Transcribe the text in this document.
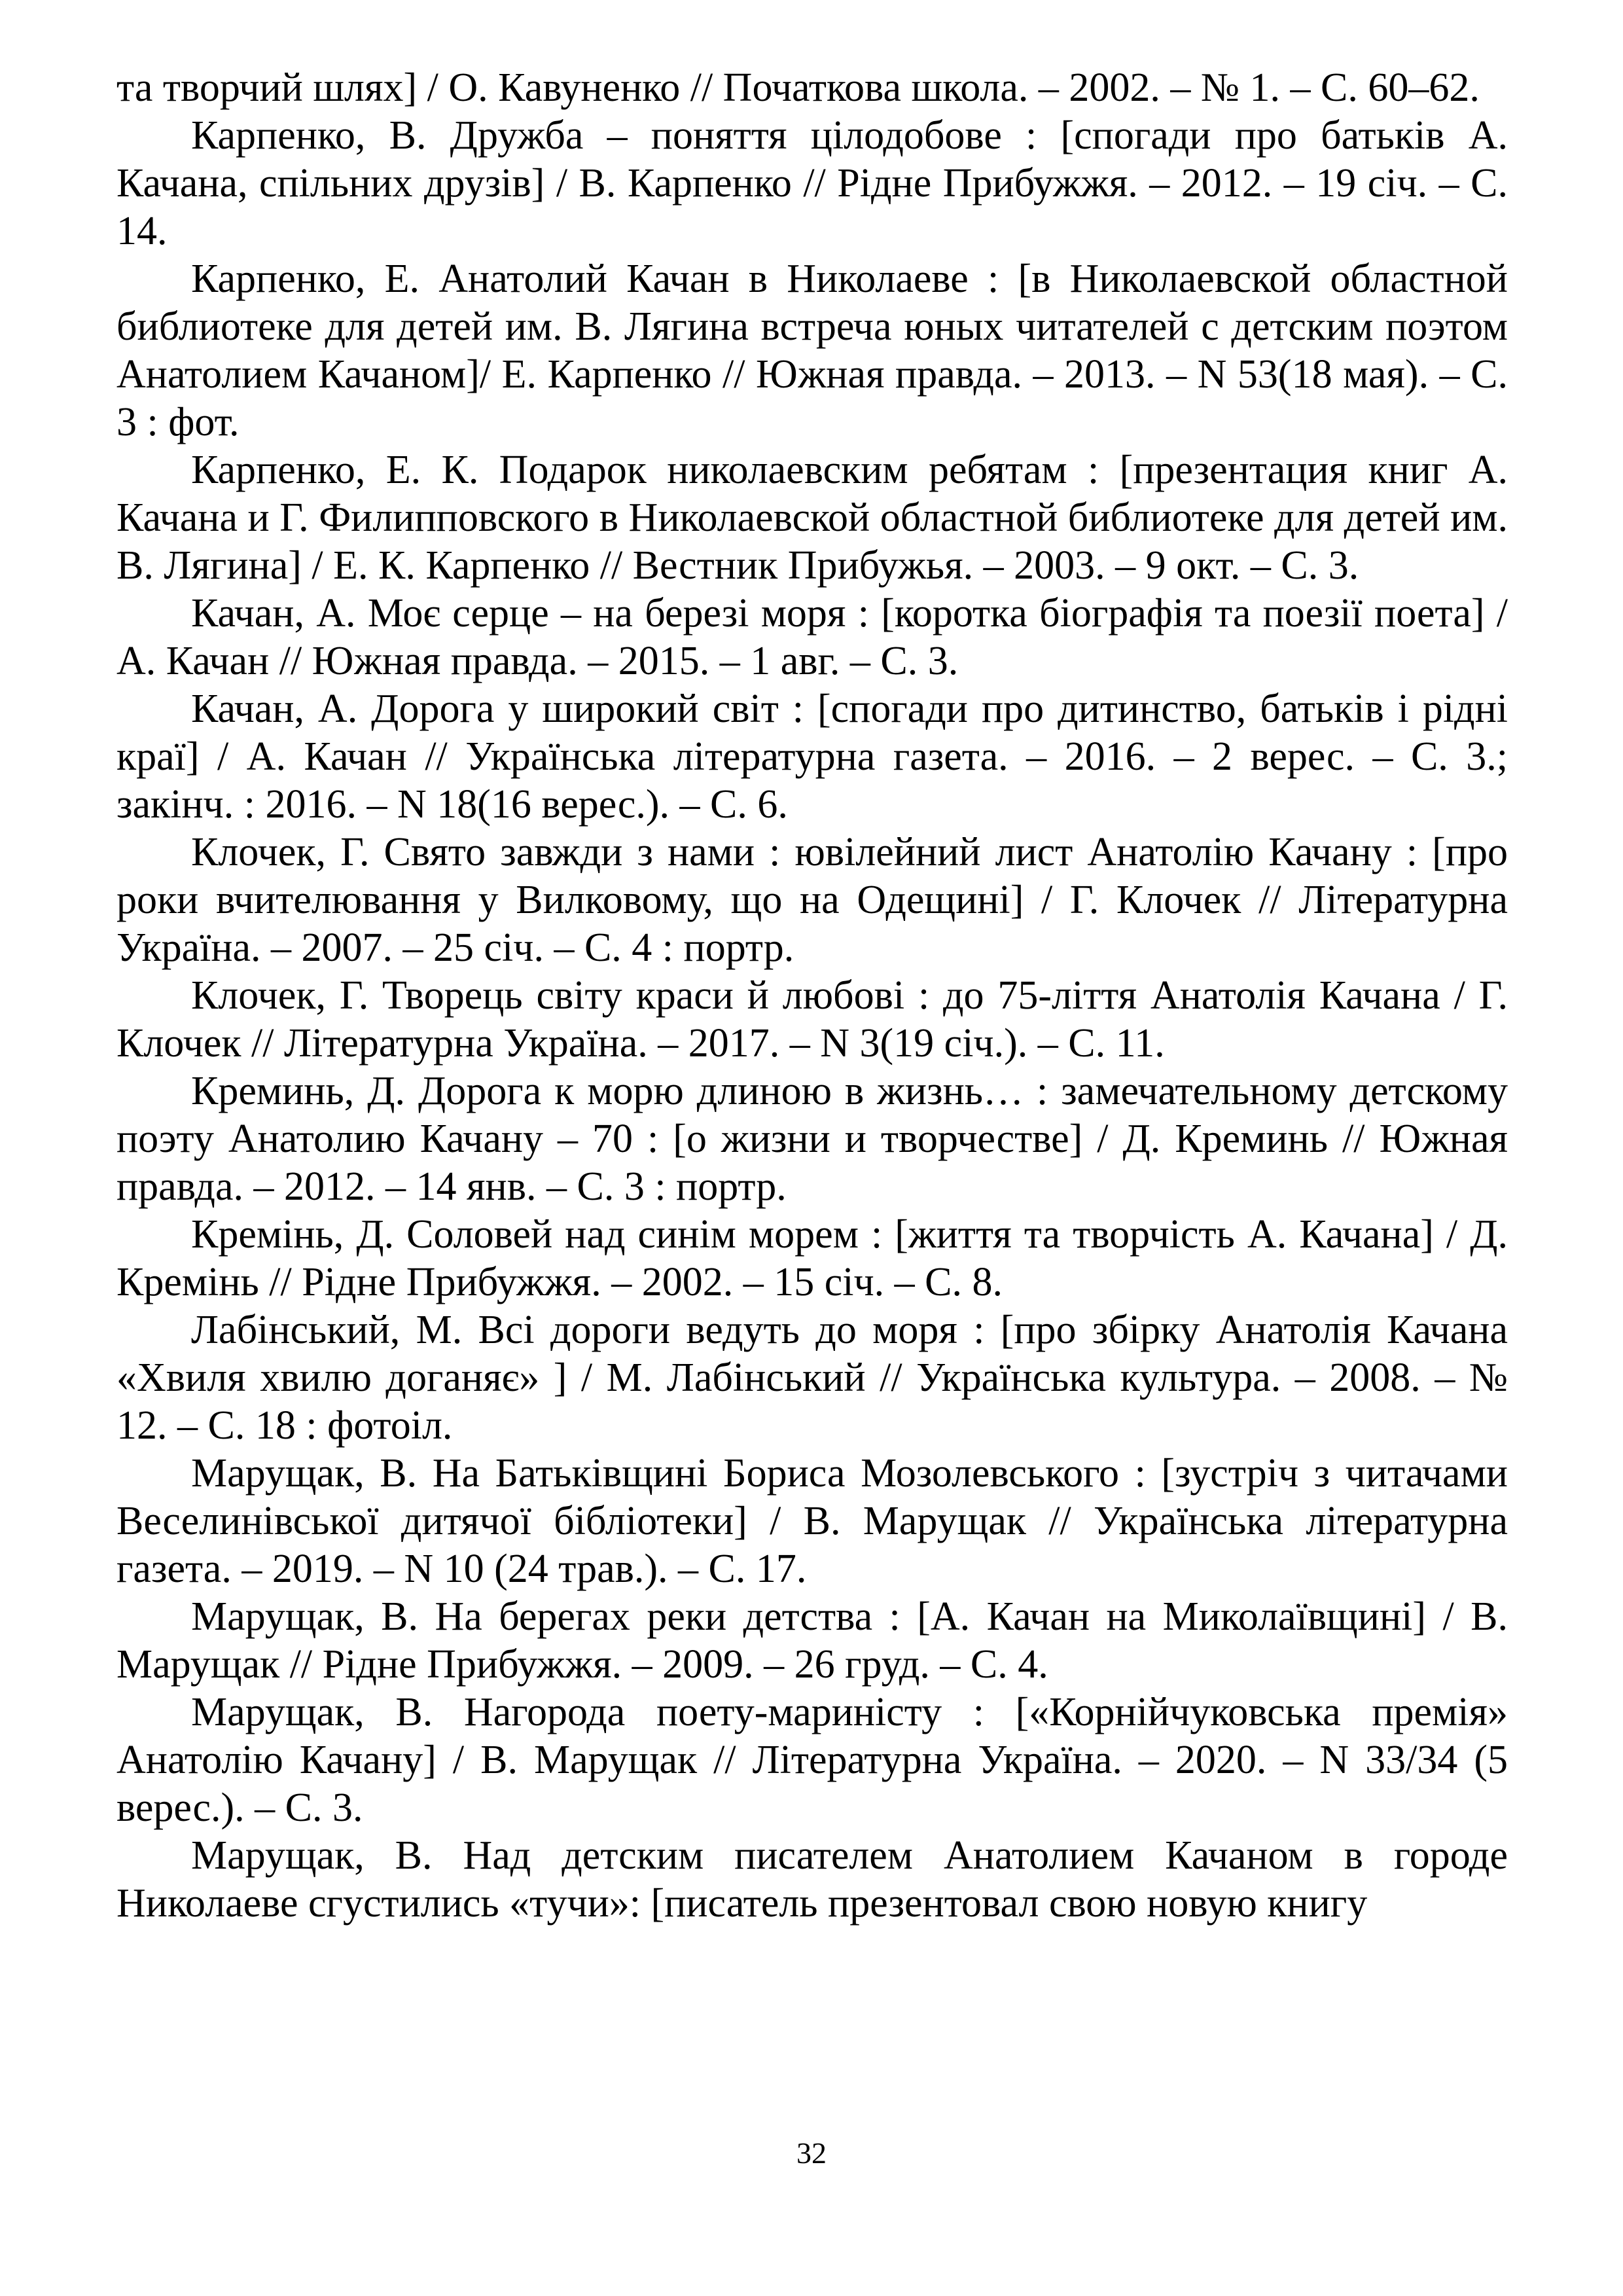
та творчий шлях] / О. Кавуненко // Початкова школа. – 2002. – № 1. – С. 60–62.

Карпенко, В. Дружба – поняття цілодобове : [спогади про батьків А. Качана, спільних друзів] / В. Карпенко // Рідне Прибужжя. – 2012. – 19 січ. – С. 14.

Карпенко, Е. Анатолий Качан в Николаеве : [в Николаевской областной библиотеке для детей им. В. Лягина встреча юных читателей с детским поэтом Анатолием Качаном]/ Е. Карпенко // Южная правда. – 2013. – N 53(18 мая). – С. 3 : фот.

Карпенко, Е. К. Подарок николаевским ребятам : [презентация книг А. Качана и Г. Филипповского в Николаевской областной библиотеке для детей им. В. Лягина] / Е. К. Карпенко // Вестник Прибужья. – 2003. – 9 окт. – С. 3.

Качан, А. Моє серце – на березі моря : [коротка біографія та поезії поета] / А. Качан // Южная правда. – 2015. – 1 авг. – С. 3.

Качан, А. Дорога у широкий світ : [спогади про дитинство, батьків і рідні краї] / А. Качан // Українська літературна газета. – 2016. – 2 верес. – С. 3.; закінч. : 2016. – N 18(16 верес.). – С. 6.

Клочек, Г. Свято завжди з нами : ювілейний лист Анатолію Качану : [про роки вчителювання у Вилковому, що на Одещині] / Г. Клочек // Літературна Україна. – 2007. – 25 січ. – С. 4 : портр.

Клочек, Г. Творець світу краси й любові : до 75-ліття Анатолія Качана / Г. Клочек // Літературна Україна. – 2017. – N 3(19 січ.). – С. 11.

Креминь, Д. Дорога к морю длиною в жизнь… : замечательному детскому поэту Анатолию Качану – 70 : [о жизни и творчестве] / Д. Креминь // Южная правда. – 2012. – 14 янв. – С. 3 : портр.

Кремінь, Д. Соловей над синім морем : [життя та творчість А. Качана] / Д. Кремінь // Рідне Прибужжя. – 2002. – 15 січ. – С. 8.

Лабінський, М. Всі дороги ведуть до моря : [про збірку Анатолія Качана «Хвиля хвилю доганяє» ] / М. Лабінський // Українська культура. – 2008. – № 12. – С. 18 : фотоіл.

Марущак, В. На Батьківщині Бориса Мозолевського : [зустріч з читачами Веселинівської дитячої бібліотеки] / В. Марущак // Українська літературна газета. – 2019. – N 10 (24 трав.). – С. 17.

Марущак, В. На берегах реки детства : [А. Качан на Миколаївщині] / В. Марущак // Рідне Прибужжя. – 2009. – 26 груд. – С. 4.

Марущак, В. Нагорода поету-мариністу : [«Корнійчуковська премія» Анатолію Качану] / В. Марущак // Літературна Україна. – 2020. – N 33/34 (5 верес.). – С. 3.

Марущак, В. Над детским писателем Анатолием Качаном в городе Николаеве сгустились «тучи»: [писатель презентовал свою новую книгу

32
